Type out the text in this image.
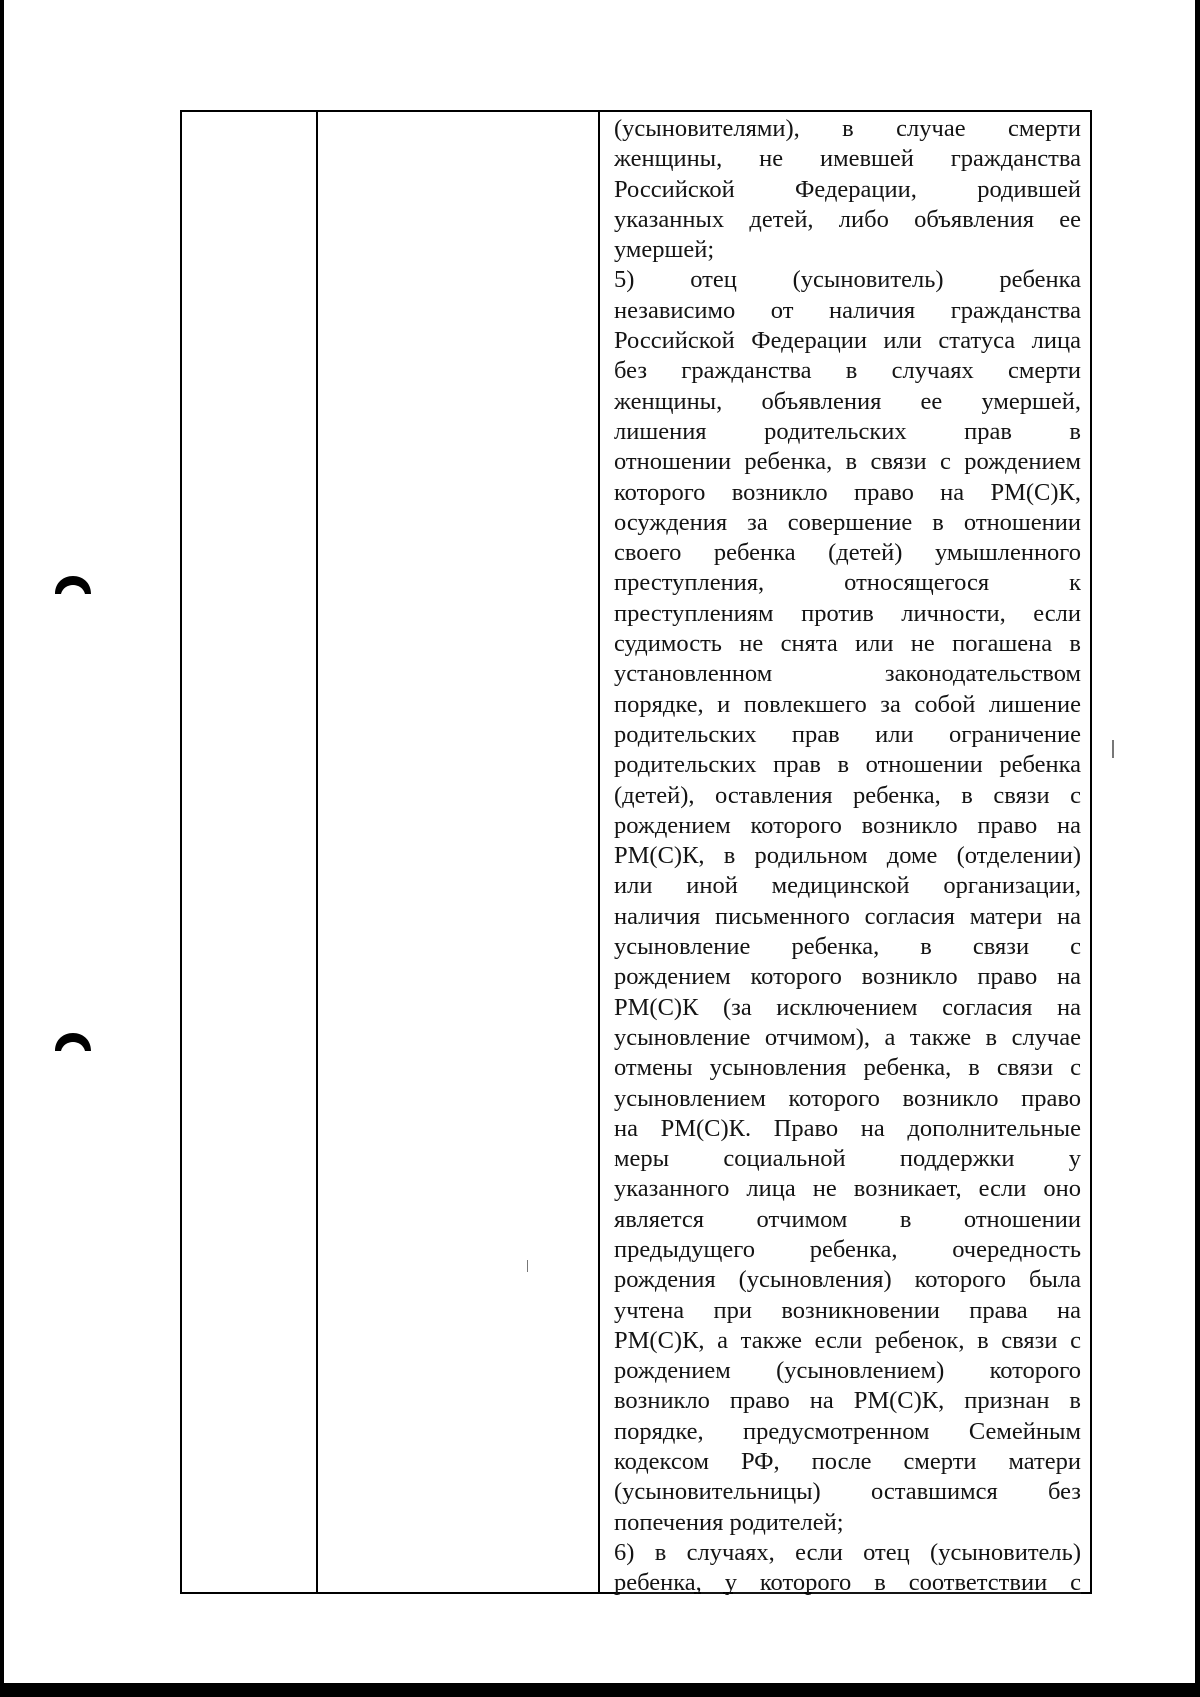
(усыновителями), в случае смерти
женщины, не имевшей гражданства
Российской Федерации, родившей
указанных детей, либо объявления ее
умершей;
5) отец (усыновитель) ребенка
независимо от наличия гражданства
Российской Федерации или статуса лица
без гражданства в случаях смерти
женщины, объявления ее умершей,
лишения родительских прав в
отношении ребенка, в связи с рождением
которого возникло право на РМ(С)К,
осуждения за совершение в отношении
своего ребенка (детей) умышленного
преступления, относящегося к
преступлениям против личности, если
судимость не снята или не погашена в
установленном законодательством
порядке, и повлекшего за собой лишение
родительских прав или ограничение
родительских прав в отношении ребенка
(детей), оставления ребенка, в связи с
рождением которого возникло право на
РМ(С)К, в родильном доме (отделении)
или иной медицинской организации,
наличия письменного согласия матери на
усыновление ребенка, в связи с
рождением которого возникло право на
РМ(С)К (за исключением согласия на
усыновление отчимом), а также в случае
отмены усыновления ребенка, в связи с
усыновлением которого возникло право
на РМ(С)К. Право на дополнительные
меры социальной поддержки у
указанного лица не возникает, если оно
является отчимом в отношении
предыдущего ребенка, очередность
рождения (усыновления) которого была
учтена при возникновении права на
РМ(С)К, а также если ребенок, в связи с
рождением (усыновлением) которого
возникло право на РМ(С)К, признан в
порядке, предусмотренном Семейным
кодексом РФ, после смерти матери
(усыновительницы) оставшимся без
попечения родителей;
6) в случаях, если отец (усыновитель)
ребенка, у которого в соответствии с
